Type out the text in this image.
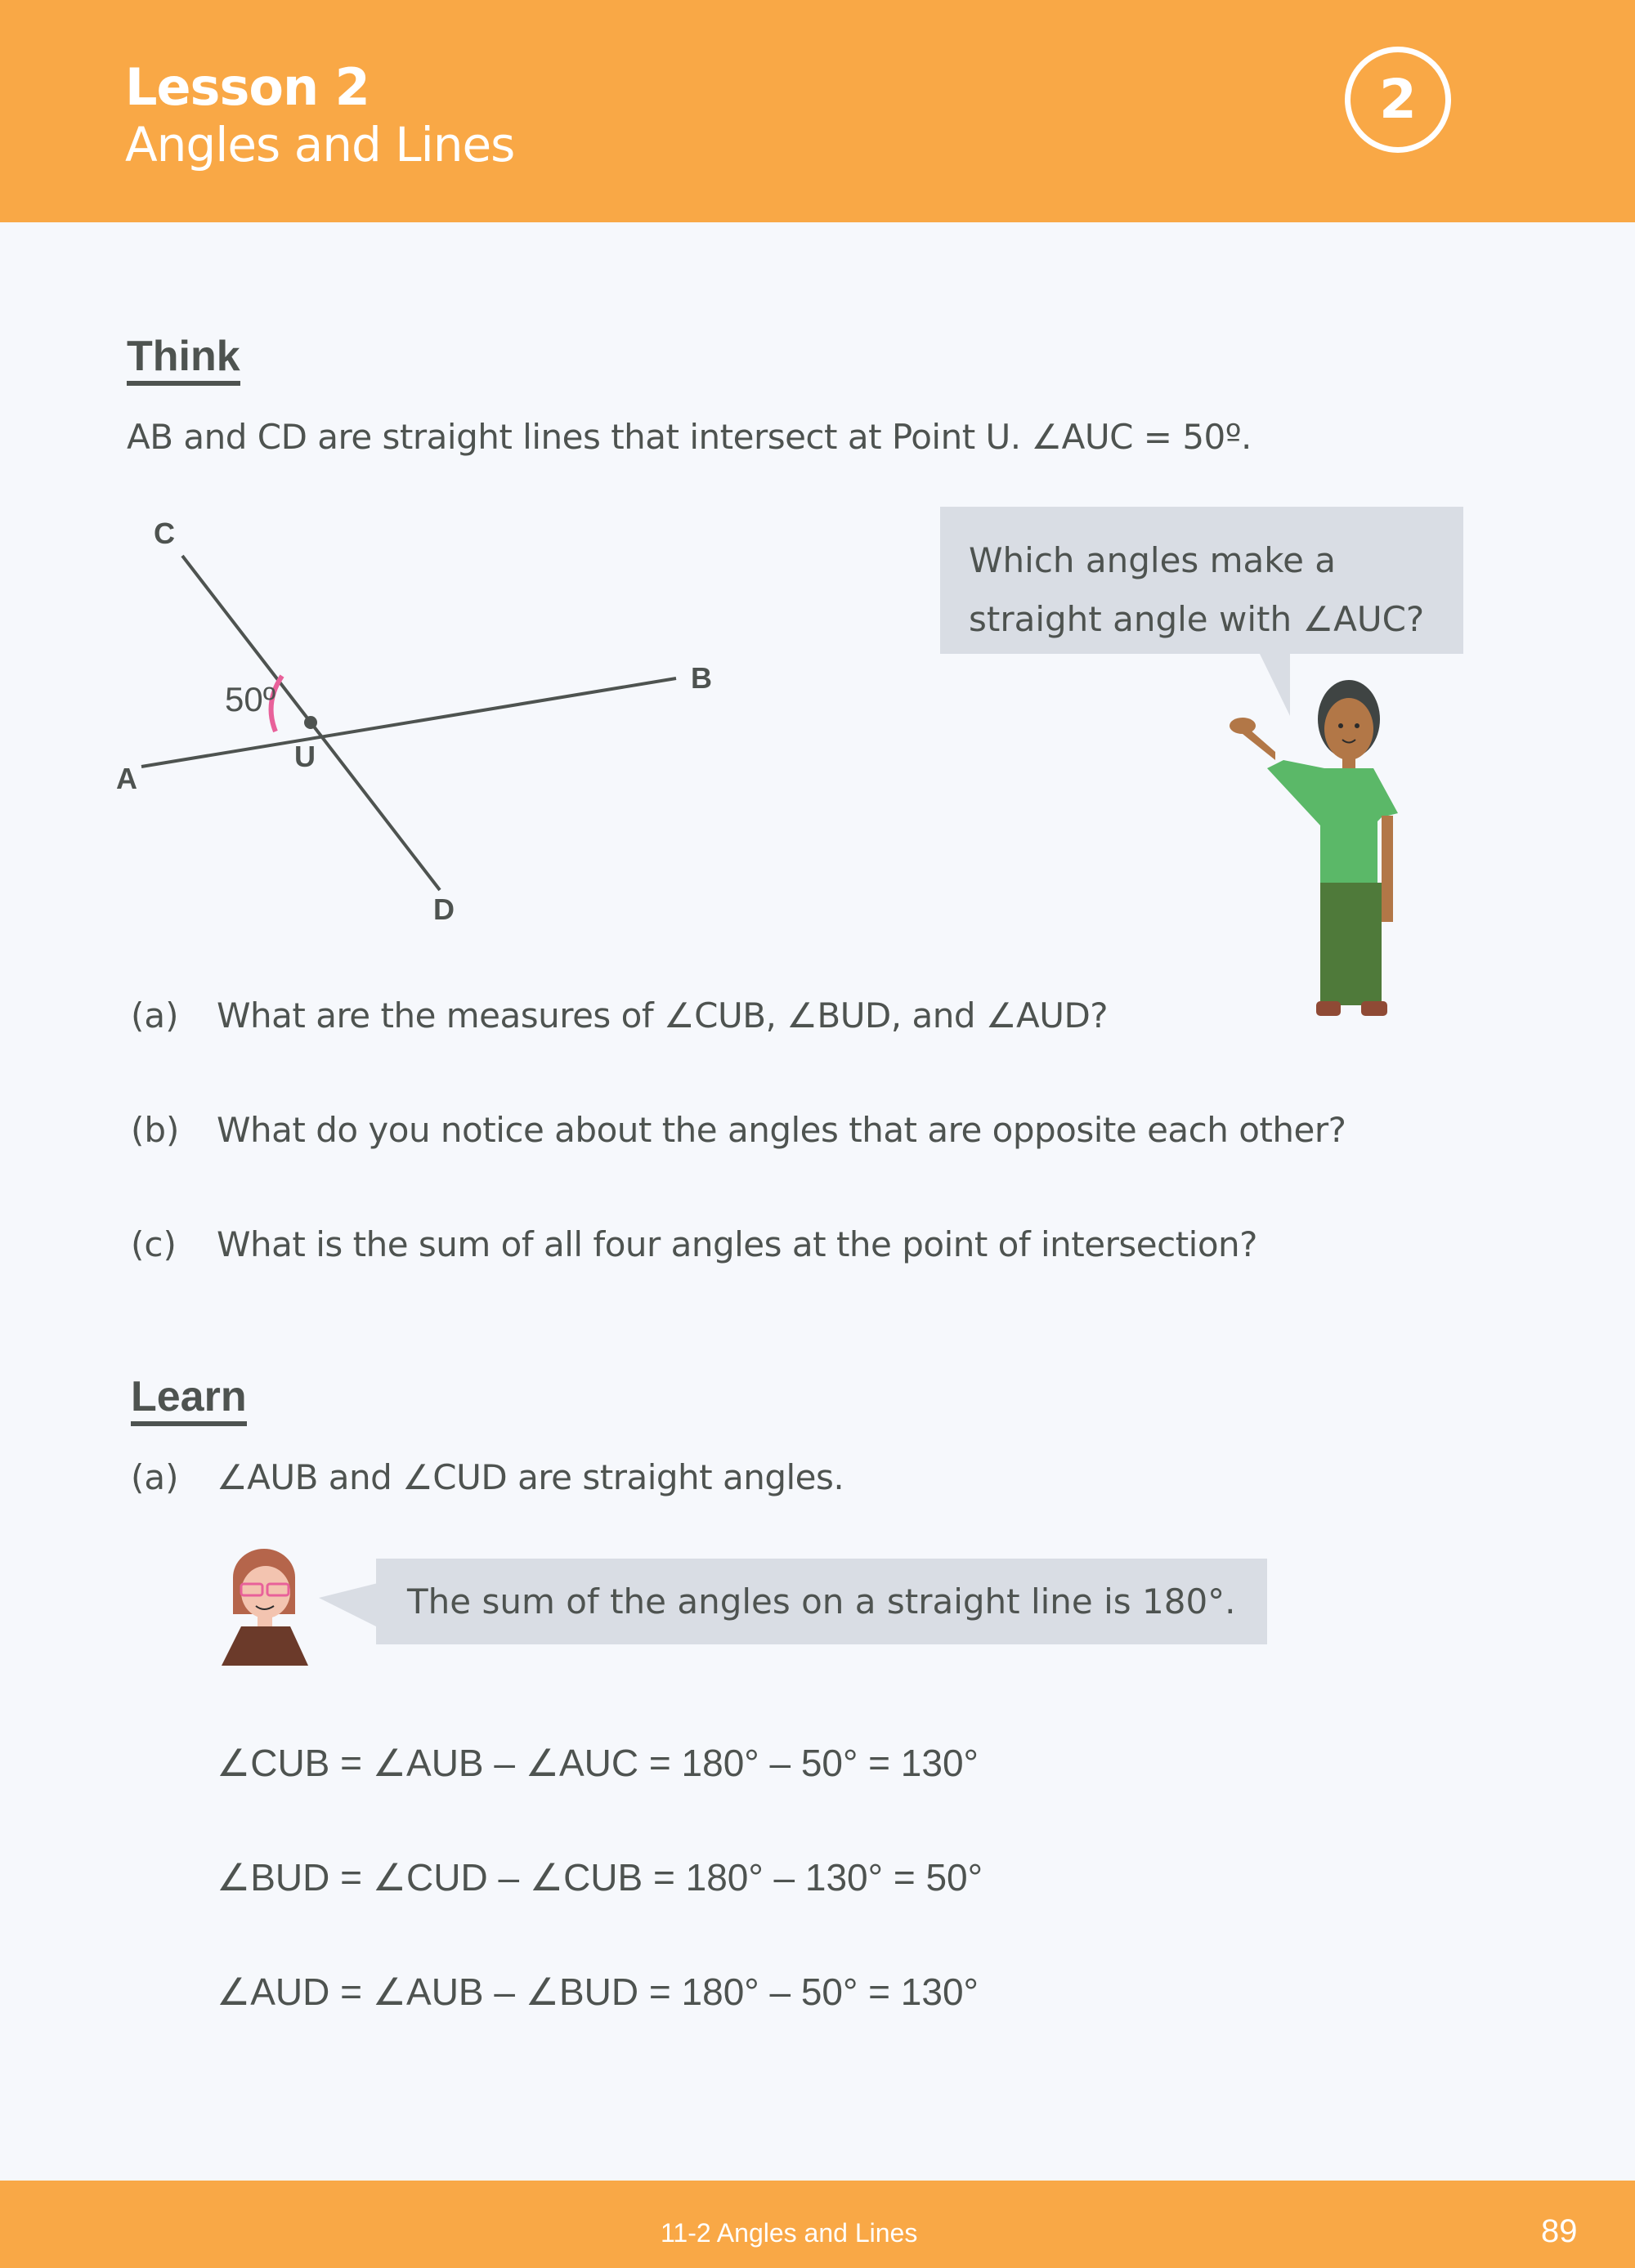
Lesson 2
Angles and Lines
2
Think
AB and CD are straight lines that intersect at Point U. ∠AUC = 50º.
C
B
A
U
D
50º
Which angles make a
straight angle with ∠AUC?
(a) What are the measures of ∠CUB, ∠BUD, and ∠AUD?
(b) What do you notice about the angles that are opposite each other?
(c) What is the sum of all four angles at the point of intersection?
Learn
(a) ∠AUB and ∠CUD are straight angles.
The sum of the angles on a straight line is 180°.
∠CUB = ∠AUB – ∠AUC = 180° – 50° = 130°
∠BUD = ∠CUD – ∠CUB = 180° – 130° = 50°
∠AUD = ∠AUB – ∠BUD = 180° – 50° = 130°
11-2 Angles and Lines	89
